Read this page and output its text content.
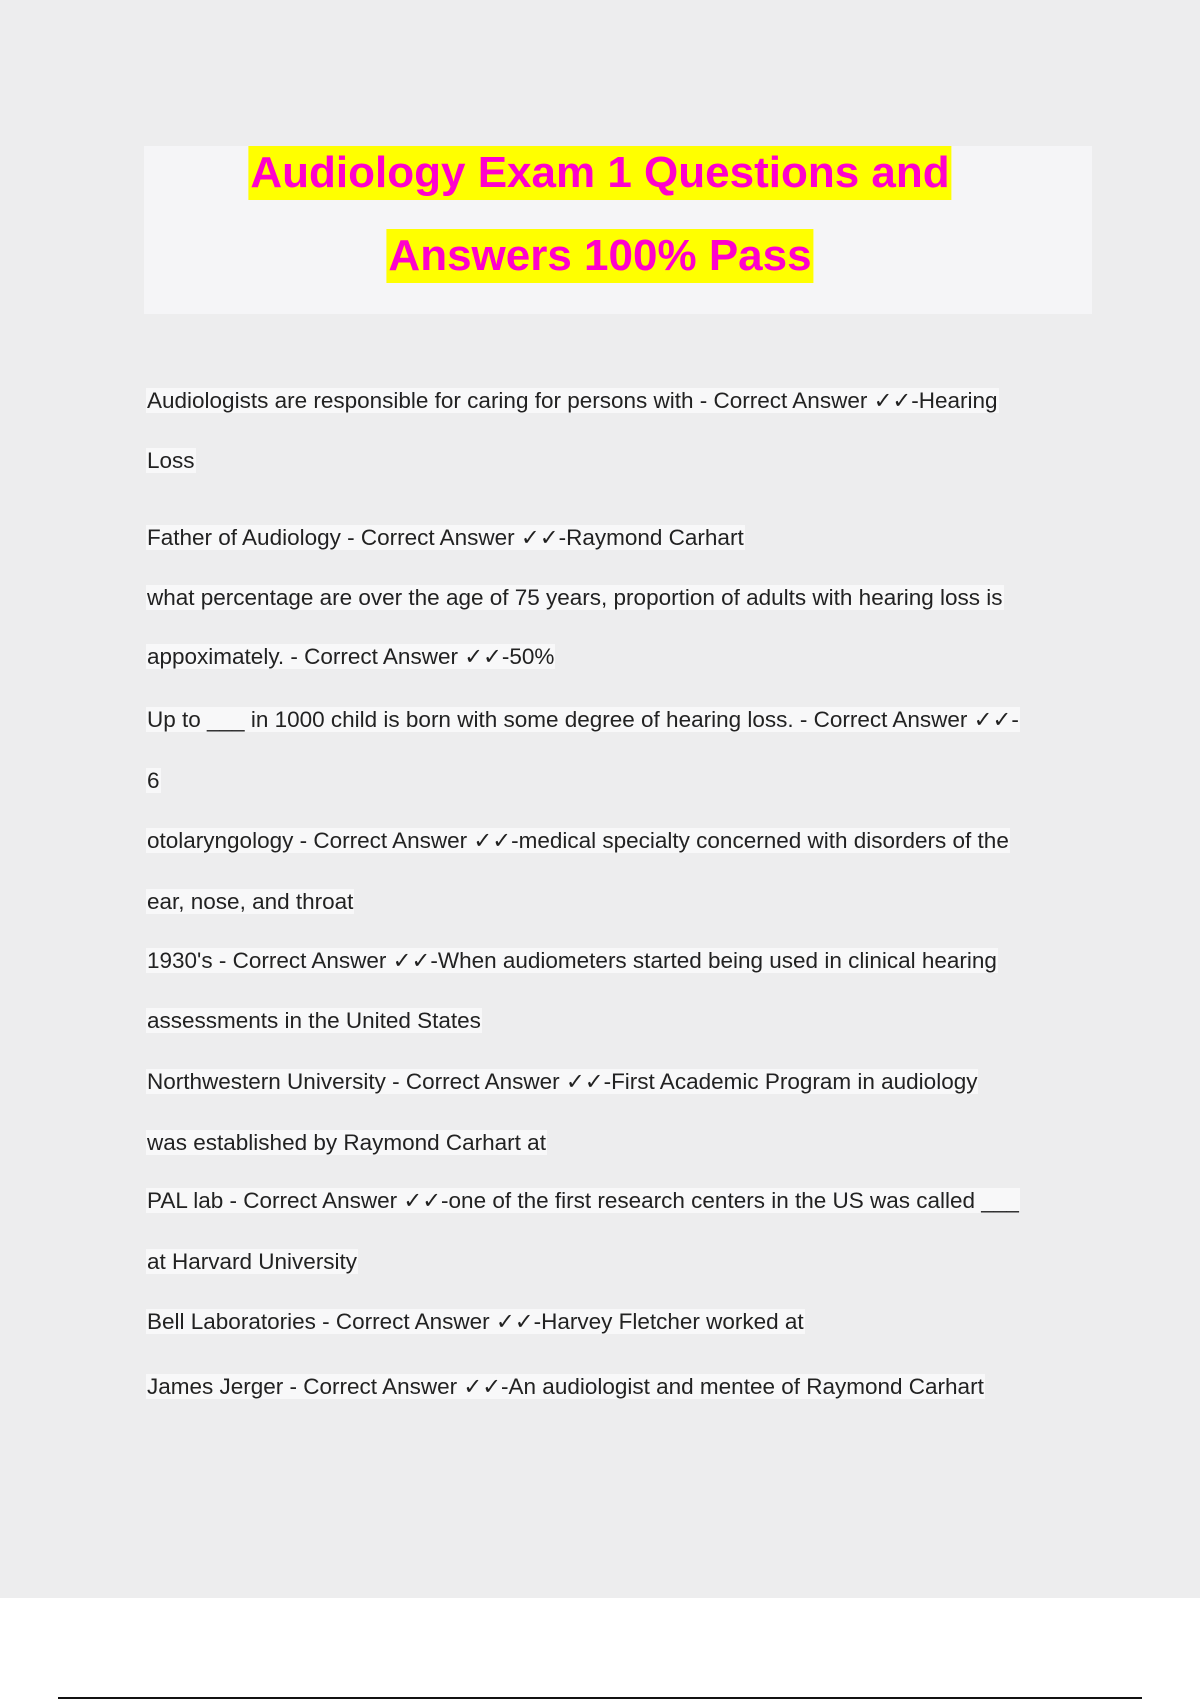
Audiology Exam 1 Questions and
Answers 100% Pass
Audiologists are responsible for caring for persons with - Correct Answer ✓✓-Hearing
Loss
Father of Audiology - Correct Answer ✓✓-Raymond Carhart
what percentage are over the age of 75 years, proportion of adults with hearing loss is
appoximately. - Correct Answer ✓✓-50%
Up to ___ in 1000 child is born with some degree of hearing loss. - Correct Answer ✓✓-
6
otolaryngology - Correct Answer ✓✓-medical specialty concerned with disorders of the
ear, nose, and throat
1930's - Correct Answer ✓✓-When audiometers started being used in clinical hearing
assessments in the United States
Northwestern University - Correct Answer ✓✓-First Academic Program in audiology
was established by Raymond Carhart at
PAL lab - Correct Answer ✓✓-one of the first research centers in the US was called ___
at Harvard University
Bell Laboratories - Correct Answer ✓✓-Harvey Fletcher worked at
James Jerger - Correct Answer ✓✓-An audiologist and mentee of Raymond Carhart
